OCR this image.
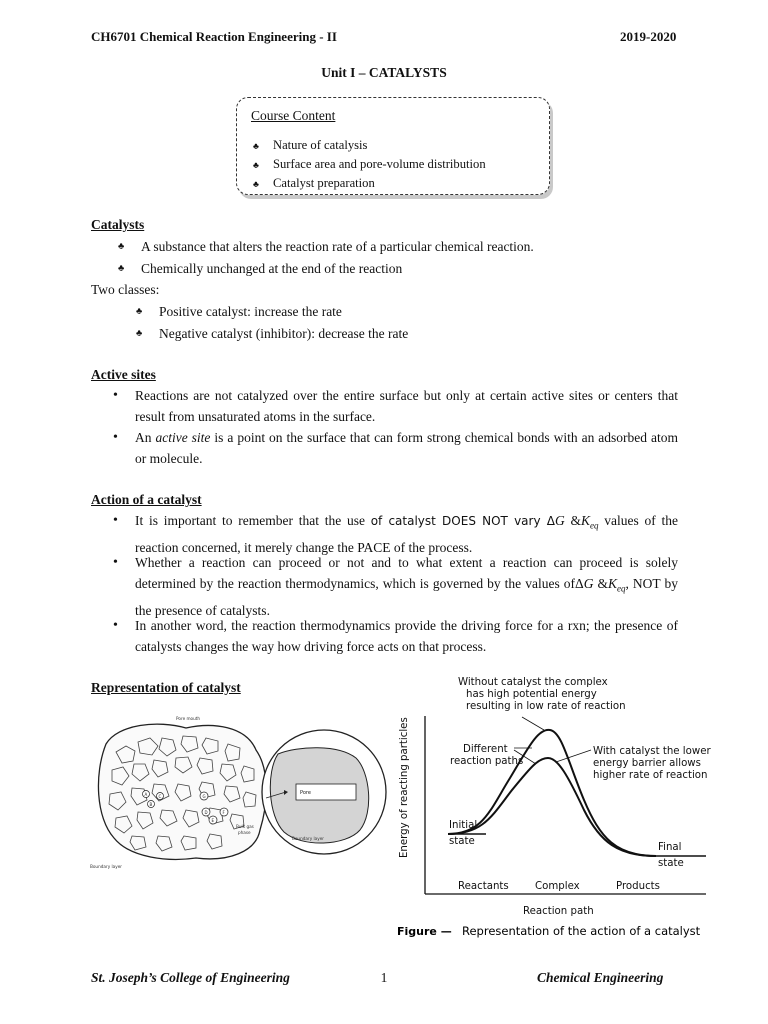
CH6701 Chemical Reaction Engineering - II	2019-2020
Unit I – CATALYSTS
Course Content
♣ Nature of catalysis
♣ Surface area and pore-volume distribution
♣ Catalyst preparation
Catalysts
♣ A substance that alters the reaction rate of a particular chemical reaction.
♣ Chemically unchanged at the end of the reaction
Two classes:
♣ Positive catalyst: increase the rate
♣ Negative catalyst (inhibitor): decrease the rate
Active sites
• Reactions are not catalyzed over the entire surface but only at certain active sites or centers that result from unsaturated atoms in the surface.
• An active site is a point on the surface that can form strong chemical bonds with an adsorbed atom or molecule.
Action of a catalyst
• It is important to remember that the use of catalyst DOES NOT vary ΔG $\&K_{eq}$ values of the reaction concerned, it merely change the PACE of the process.
• Whether a reaction can proceed or not and to what extent a reaction can proceed is solely determined by the reaction thermodynamics, which is governed by the values ofΔG $\&K_{eq}$, NOT by the presence of catalysts.
• In another word, the reaction thermodynamics provide the driving force for a rxn; the presence of catalysts changes the way how driving force acts on that process.
Representation of catalyst
A
B
C
D
E
F
G
Pore mouth
Bulk gas
phase
Boundary layer
Pore
Boundary layer
Without catalyst the complex
has high potential energy
resulting in low rate of reaction
Different
reaction paths
With catalyst the lower
energy barrier allows
higher rate of reaction
Initial
state
Final
state
Reactants	Complex	Products
Reaction path
Energy of reacting particles
Figure — Representation of the action of a catalyst
St. Joseph’s College of Engineering	1	Chemical Engineering
